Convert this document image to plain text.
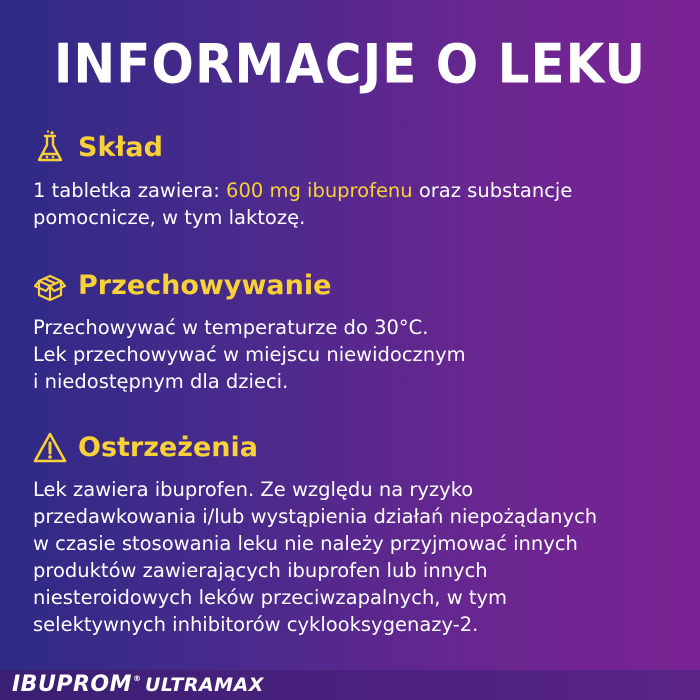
INFORMACJE O LEKU
Skład
1 tabletka zawiera: 600 mg ibuprofenu oraz substancje
pomocnicze, w tym laktozę.
Przechowywanie
Przechowywać w temperaturze do 30°C.
Lek przechowywać w miejscu niewidocznym
i niedostępnym dla dzieci.
Ostrzeżenia
Lek zawiera ibuprofen. Ze względu na ryzyko
przedawkowania i/lub wystąpienia działań niepożądanych
w czasie stosowania leku nie należy przyjmować innych
produktów zawierających ibuprofen lub innych
niesteroidowych leków przeciwzapalnych, w tym
selektywnych inhibitorów cyklooksygenazy-2.
IBUPROM ® ULTRAMAX
